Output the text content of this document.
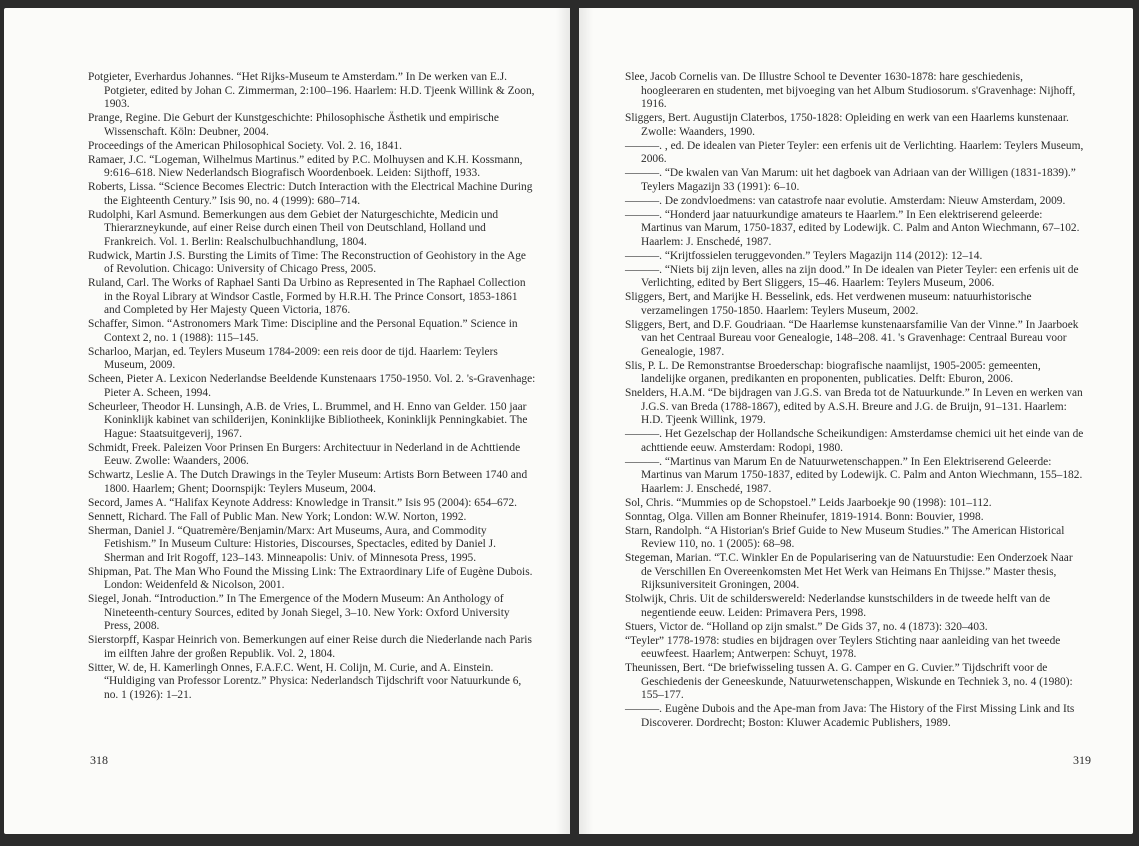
Potgieter, Everhardus Johannes. “Het Rijks-Museum te Amsterdam.” In De werken van E.J. Potgieter, edited by Johan C. Zimmerman, 2:100–196. Haarlem: H.D. Tjeenk Willink & Zoon, 1903.

Prange, Regine. Die Geburt der Kunstgeschichte: Philosophische Ästhetik und empirische Wissenschaft. Köln: Deubner, 2004.

Proceedings of the American Philosophical Society. Vol. 2. 16, 1841.

Ramaer, J.C. “Logeman, Wilhelmus Martinus.” edited by P.C. Molhuysen and K.H. Kossmann, 9:616–618. Niew Nederlandsch Biografisch Woordenboek. Leiden: Sijthoff, 1933.

Roberts, Lissa. “Science Becomes Electric: Dutch Interaction with the Electrical Machine During the Eighteenth Century.” Isis 90, no. 4 (1999): 680–714.

Rudolphi, Karl Asmund. Bemerkungen aus dem Gebiet der Naturgeschichte, Medicin und Thierarzneykunde, auf einer Reise durch einen Theil von Deutschland, Holland und Frankreich. Vol. 1. Berlin: Realschulbuchhandlung, 1804.

Rudwick, Martin J.S. Bursting the Limits of Time: The Reconstruction of Geohistory in the Age of Revolution. Chicago: University of Chicago Press, 2005.

Ruland, Carl. The Works of Raphael Santi Da Urbino as Represented in The Raphael Collection in the Royal Library at Windsor Castle, Formed by H.R.H. The Prince Consort, 1853-1861 and Completed by Her Majesty Queen Victoria, 1876.

Schaffer, Simon. “Astronomers Mark Time: Discipline and the Personal Equation.” Science in Context 2, no. 1 (1988): 115–145.

Scharloo, Marjan, ed. Teylers Museum 1784-2009: een reis door de tijd. Haarlem: Teylers Museum, 2009.

Scheen, Pieter A. Lexicon Nederlandse Beeldende Kunstenaars 1750-1950. Vol. 2. 's-Gravenhage: Pieter A. Scheen, 1994.

Scheurleer, Theodor H. Lunsingh, A.B. de Vries, L. Brummel, and H. Enno van Gelder. 150 jaar Koninklijk kabinet van schilderijen, Koninklijke Bibliotheek, Koninklijk Penningkabiet. The Hague: Staatsuitgeverij, 1967.

Schmidt, Freek. Paleizen Voor Prinsen En Burgers: Architectuur in Nederland in de Achttiende Eeuw. Zwolle: Waanders, 2006.

Schwartz, Leslie A. The Dutch Drawings in the Teyler Museum: Artists Born Between 1740 and 1800. Haarlem; Ghent; Doornspijk: Teylers Museum, 2004.

Secord, James A. “Halifax Keynote Address: Knowledge in Transit.” Isis 95 (2004): 654–672.

Sennett, Richard. The Fall of Public Man. New York; London: W.W. Norton, 1992.

Sherman, Daniel J. “Quatremère/Benjamin/Marx: Art Museums, Aura, and Commodity Fetishism.” In Museum Culture: Histories, Discourses, Spectacles, edited by Daniel J. Sherman and Irit Rogoff, 123–143. Minneapolis: Univ. of Minnesota Press, 1995.

Shipman, Pat. The Man Who Found the Missing Link: The Extraordinary Life of Eugène Dubois. London: Weidenfeld & Nicolson, 2001.

Siegel, Jonah. “Introduction.” In The Emergence of the Modern Museum: An Anthology of Nineteenth-century Sources, edited by Jonah Siegel, 3–10. New York: Oxford University Press, 2008.

Sierstorpff, Kaspar Heinrich von. Bemerkungen auf einer Reise durch die Niederlande nach Paris im eilften Jahre der großen Republik. Vol. 2, 1804.

Sitter, W. de, H. Kamerlingh Onnes, F.A.F.C. Went, H. Colijn, M. Curie, and A. Einstein. “Huldiging van Professor Lorentz.” Physica: Nederlandsch Tijdschrift voor Natuurkunde 6, no. 1 (1926): 1–21.

318

Slee, Jacob Cornelis van. De Illustre School te Deventer 1630-1878: hare geschiedenis, hoogleeraren en studenten, met bijvoeging van het Album Studiosorum. s'Gravenhage: Nijhoff, 1916.

Sliggers, Bert. Augustijn Claterbos, 1750-1828: Opleiding en werk van een Haarlems kunstenaar. Zwolle: Waanders, 1990.

———. , ed. De idealen van Pieter Teyler: een erfenis uit de Verlichting. Haarlem: Teylers Museum, 2006.

———. “De kwalen van Van Marum: uit het dagboek van Adriaan van der Willigen (1831-1839).” Teylers Magazijn 33 (1991): 6–10.

———. De zondvloedmens: van catastrofe naar evolutie. Amsterdam: Nieuw Amsterdam, 2009.

———. “Honderd jaar natuurkundige amateurs te Haarlem.” In Een elektriserend geleerde: Martinus van Marum, 1750-1837, edited by Lodewijk. C. Palm and Anton Wiechmann, 67–102. Haarlem: J. Enschedé, 1987.

———. “Krijtfossielen teruggevonden.” Teylers Magazijn 114 (2012): 12–14.

———. “Niets bij zijn leven, alles na zijn dood.” In De idealen van Pieter Teyler: een erfenis uit de Verlichting, edited by Bert Sliggers, 15–46. Haarlem: Teylers Museum, 2006.

Sliggers, Bert, and Marijke H. Besselink, eds. Het verdwenen museum: natuurhistorische verzamelingen 1750-1850. Haarlem: Teylers Museum, 2002.

Sliggers, Bert, and D.F. Goudriaan. “De Haarlemse kunstenaarsfamilie Van der Vinne.” In Jaarboek van het Centraal Bureau voor Genealogie, 148–208. 41. 's Gravenhage: Centraal Bureau voor Genealogie, 1987.

Slis, P. L. De Remonstrantse Broederschap: biografische naamlijst, 1905-2005: gemeenten, landelijke organen, predikanten en proponenten, publicaties. Delft: Eburon, 2006.

Snelders, H.A.M. “De bijdragen van J.G.S. van Breda tot de Natuurkunde.” In Leven en werken van J.G.S. van Breda (1788-1867), edited by A.S.H. Breure and J.G. de Bruijn, 91–131. Haarlem: H.D. Tjeenk Willink, 1979.

———. Het Gezelschap der Hollandsche Scheikundigen: Amsterdamse chemici uit het einde van de achttiende eeuw. Amsterdam: Rodopi, 1980.

———. “Martinus van Marum En de Natuurwetenschappen.” In Een Elektriserend Geleerde: Martinus van Marum 1750-1837, edited by Lodewijk. C. Palm and Anton Wiechmann, 155–182. Haarlem: J. Enschedé, 1987.

Sol, Chris. “Mummies op de Schopstoel.” Leids Jaarboekje 90 (1998): 101–112.

Sonntag, Olga. Villen am Bonner Rheinufer, 1819-1914. Bonn: Bouvier, 1998.

Starn, Randolph. “A Historian's Brief Guide to New Museum Studies.” The American Historical Review 110, no. 1 (2005): 68–98.

Stegeman, Marian. “T.C. Winkler En de Popularisering van de Natuurstudie: Een Onderzoek Naar de Verschillen En Overeenkomsten Met Het Werk van Heimans En Thijsse.” Master thesis, Rijksuniversiteit Groningen, 2004.

Stolwijk, Chris. Uit de schilderswereld: Nederlandse kunstschilders in de tweede helft van de negentiende eeuw. Leiden: Primavera Pers, 1998.

Stuers, Victor de. “Holland op zijn smalst.” De Gids 37, no. 4 (1873): 320–403.

“Teyler” 1778-1978: studies en bijdragen over Teylers Stichting naar aanleiding van het tweede eeuwfeest. Haarlem; Antwerpen: Schuyt, 1978.

Theunissen, Bert. “De briefwisseling tussen A. G. Camper en G. Cuvier.” Tijdschrift voor de Geschiedenis der Geneeskunde, Natuurwetenschappen, Wiskunde en Techniek 3, no. 4 (1980): 155–177.

———. Eugène Dubois and the Ape-man from Java: The History of the First Missing Link and Its Discoverer. Dordrecht; Boston: Kluwer Academic Publishers, 1989.

319
